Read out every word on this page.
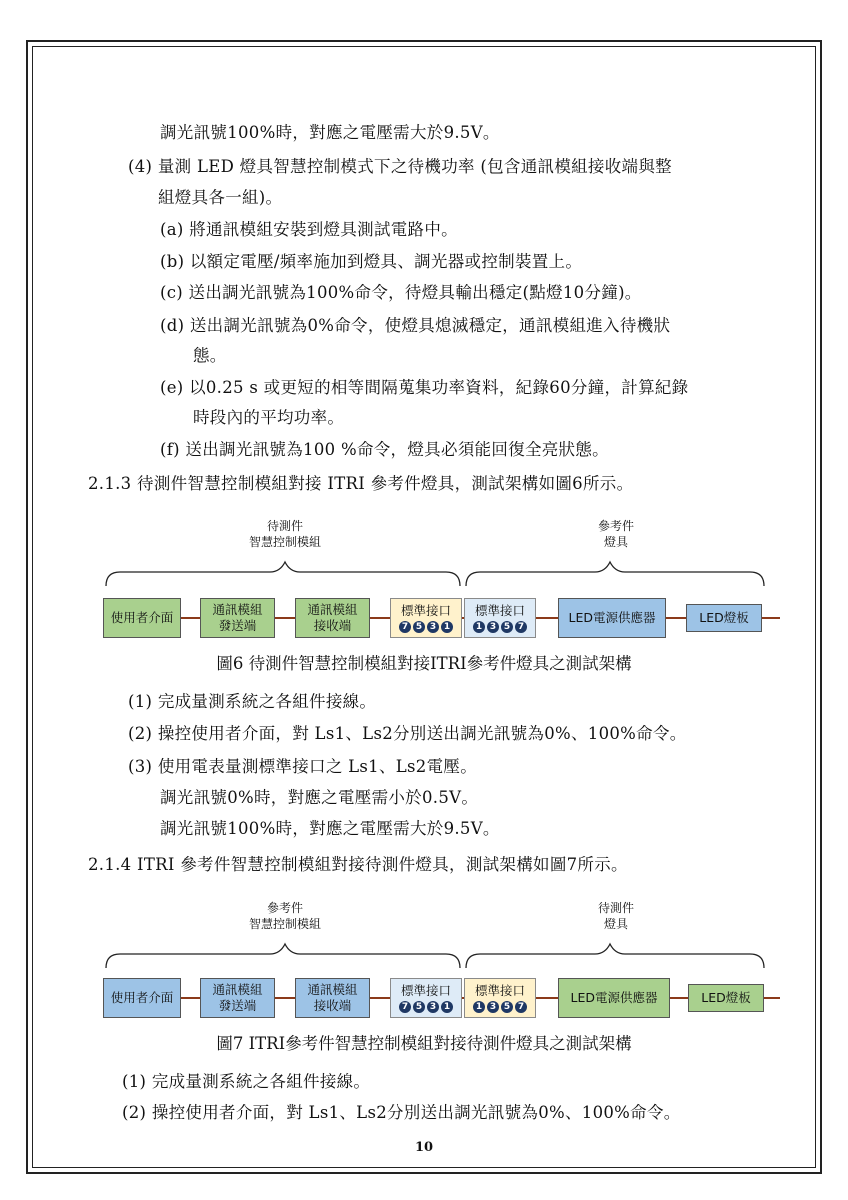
調光訊號100%時，對應之電壓需大於9.5V。
(4) 量測 LED 燈具智慧控制模式下之待機功率 (包含通訊模組接收端與整
組燈具各一組)。
(a) 將通訊模組安裝到燈具測試電路中。
(b) 以額定電壓/頻率施加到燈具、調光器或控制裝置上。
(c) 送出調光訊號為100%命令，待燈具輸出穩定(點燈10分鐘)。
(d) 送出調光訊號為0%命令，使燈具熄滅穩定，通訊模組進入待機狀
態。
(e) 以0.25 s 或更短的相等間隔蒐集功率資料，紀錄60分鐘，計算紀錄
時段內的平均功率。
(f) 送出調光訊號為100 %命令，燈具必須能回復全亮狀態。
2.1.3 待測件智慧控制模組對接 ITRI 參考件燈具，測試架構如圖6所示。
待測件
智慧控制模組
參考件
燈具
使用者介面
通訊模組
發送端
通訊模組
接收端
標準接口
7 5 3 1
標準接口
1 3 5 7
LED電源供應器	LED燈板
圖6 待測件智慧控制模組對接ITRI參考件燈具之測試架構
(1) 完成量測系統之各組件接線。
(2) 操控使用者介面，對 Ls1、Ls2分別送出調光訊號為0%、100%命令。
(3) 使用電表量測標準接口之 Ls1、Ls2電壓。
調光訊號0%時，對應之電壓需小於0.5V。
調光訊號100%時，對應之電壓需大於9.5V。
2.1.4 ITRI 參考件智慧控制模組對接待測件燈具，測試架構如圖7所示。
參考件
智慧控制模組
待測件
燈具
使用者介面
通訊模組
發送端
通訊模組
接收端
標準接口
7 5 3 1
標準接口
1 3 5 7
LED電源供應器	LED燈板
圖7 ITRI參考件智慧控制模組對接待測件燈具之測試架構
(1) 完成量測系統之各組件接線。
(2) 操控使用者介面，對 Ls1、Ls2分別送出調光訊號為0%、100%命令。
10
